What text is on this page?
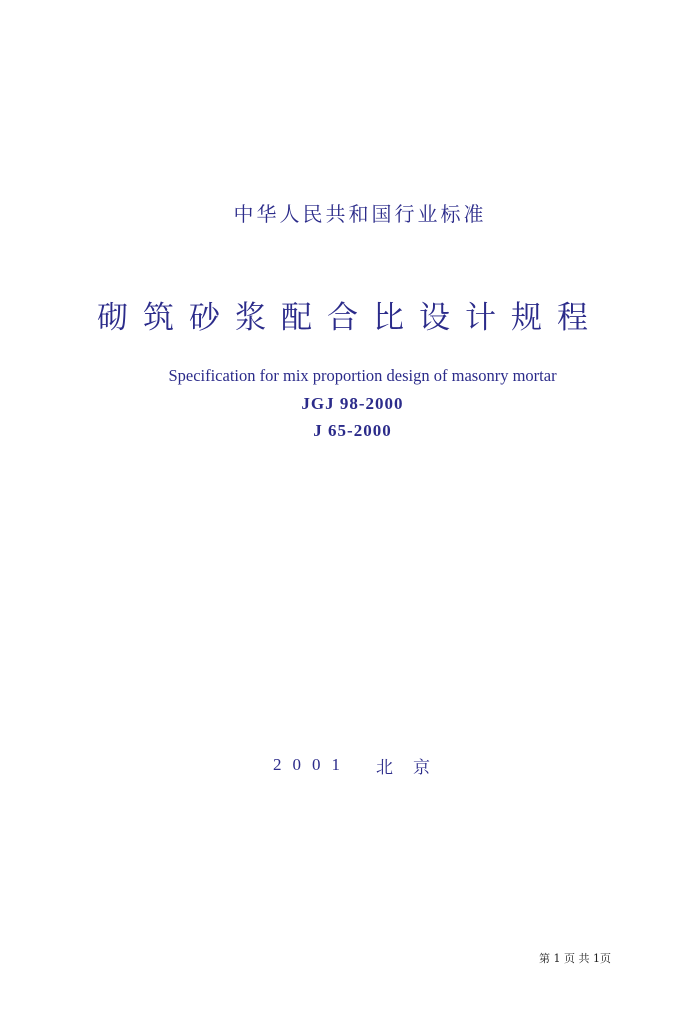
中华人民共和国行业标准
砌筑砂浆配合比设计规程
Specification for mix proportion design of masonry mortar
JGJ 98-2000
J 65-2000
2001 北京
第 1 页 共 1页
